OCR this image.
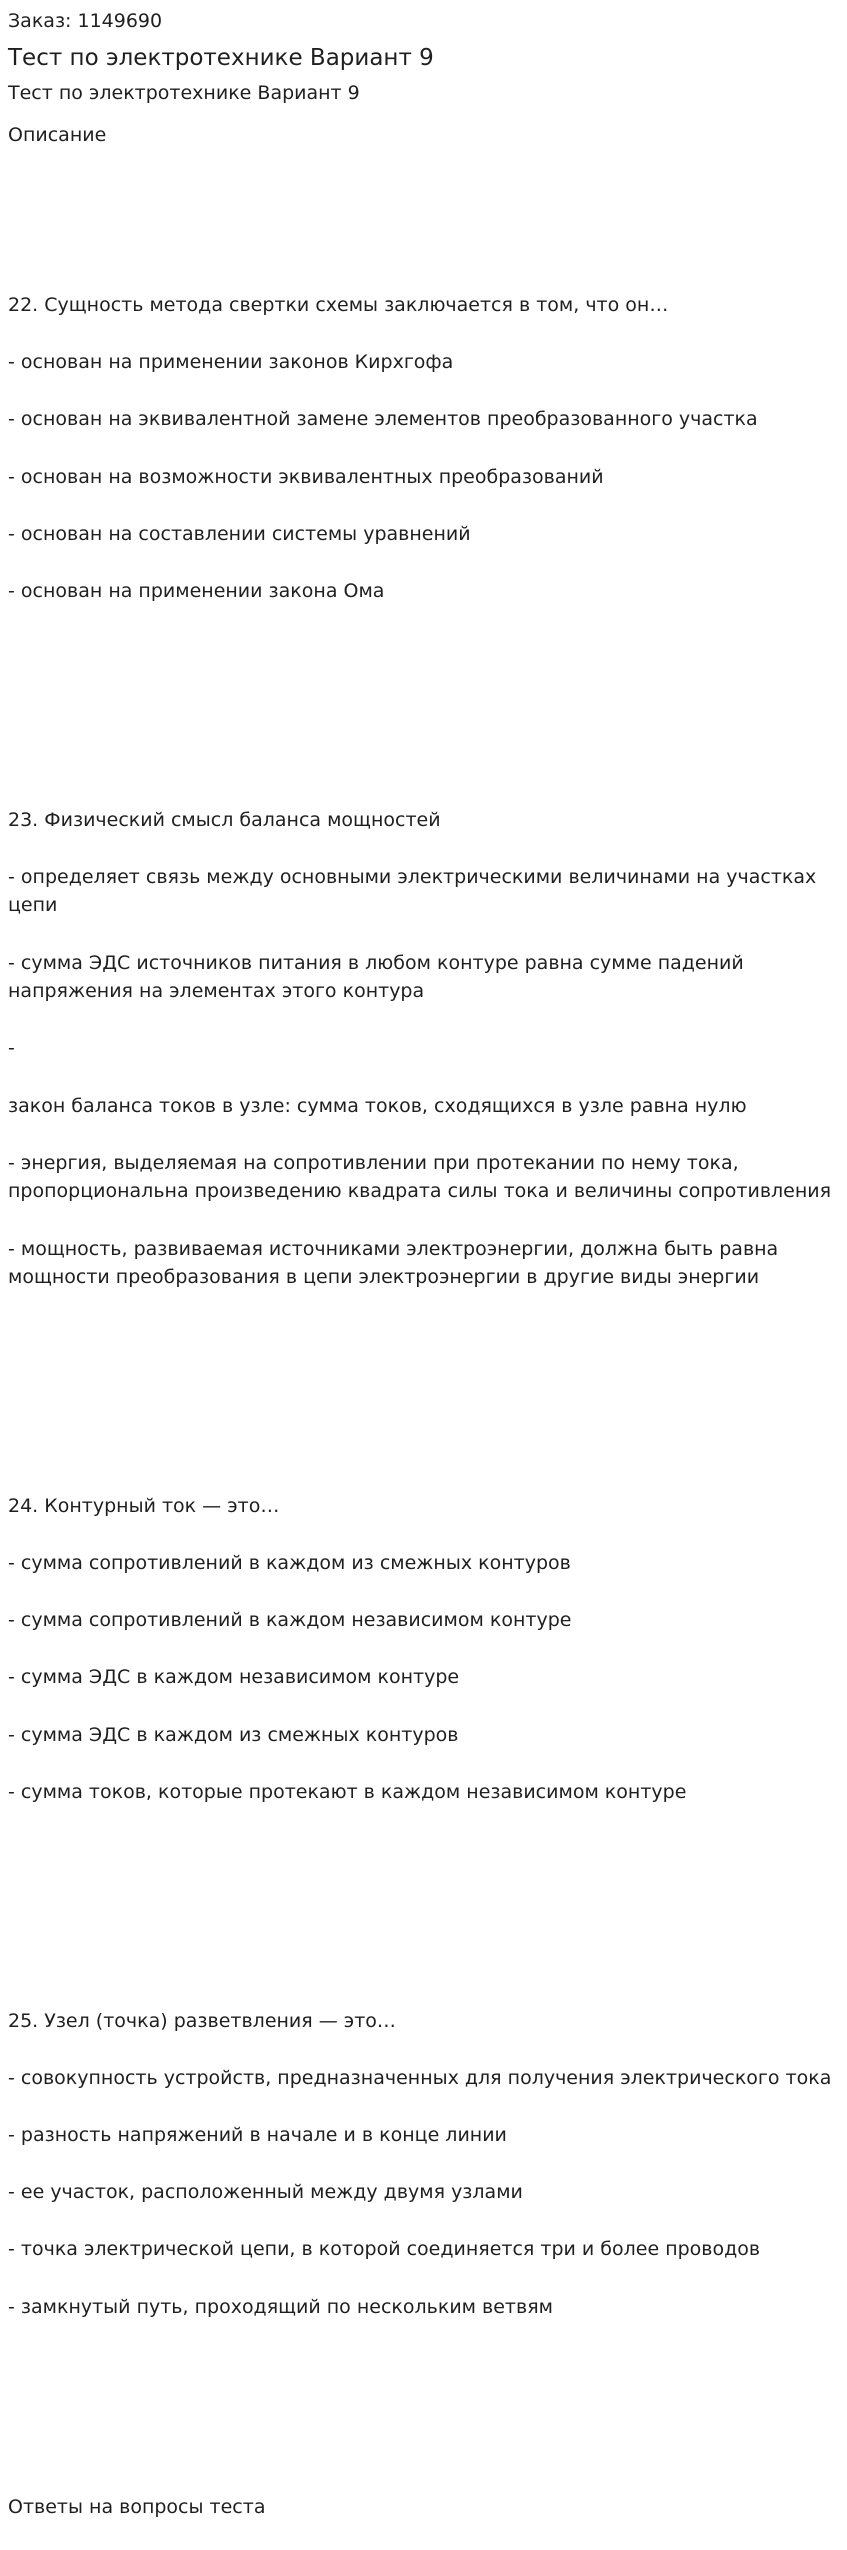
Заказ: 1149690

Тест по электротехнике Вариант 9

Тест по электротехнике Вариант 9

Описание

22. Сущность метода свертки схемы заключается в том, что он…

- основан на применении законов Кирхгофа

- основан на эквивалентной замене элементов преобразованного участка

- основан на возможности эквивалентных преобразований

- основан на составлении системы уравнений

- основан на применении закона Ома

23. Физический смысл баланса мощностей

- определяет связь между основными электрическими величинами на участках цепи

- сумма ЭДС источников питания в любом контуре равна сумме падений напряжения на элементах этого контура

-

закон баланса токов в узле: сумма токов, сходящихся в узле равна нулю

- энергия, выделяемая на сопротивлении при протекании по нему тока, пропорциональна произведению квадрата силы тока и величины сопротивления

- мощность, развиваемая источниками электроэнергии, должна быть равна мощности преобразования в цепи электроэнергии в другие виды энергии

24. Контурный ток — это…

- сумма сопротивлений в каждом из смежных контуров

- сумма сопротивлений в каждом независимом контуре

- сумма ЭДС в каждом независимом контуре

- сумма ЭДС в каждом из смежных контуров

- сумма токов, которые протекают в каждом независимом контуре

25. Узел (точка) разветвления — это…

- совокупность устройств, предназначенных для получения электрического тока

- разность напряжений в начале и в конце линии

- ее участок, расположенный между двумя узлами

- точка электрической цепи, в которой соединяется три и более проводов

- замкнутый путь, проходящий по нескольким ветвям

Ответы на вопросы теста
